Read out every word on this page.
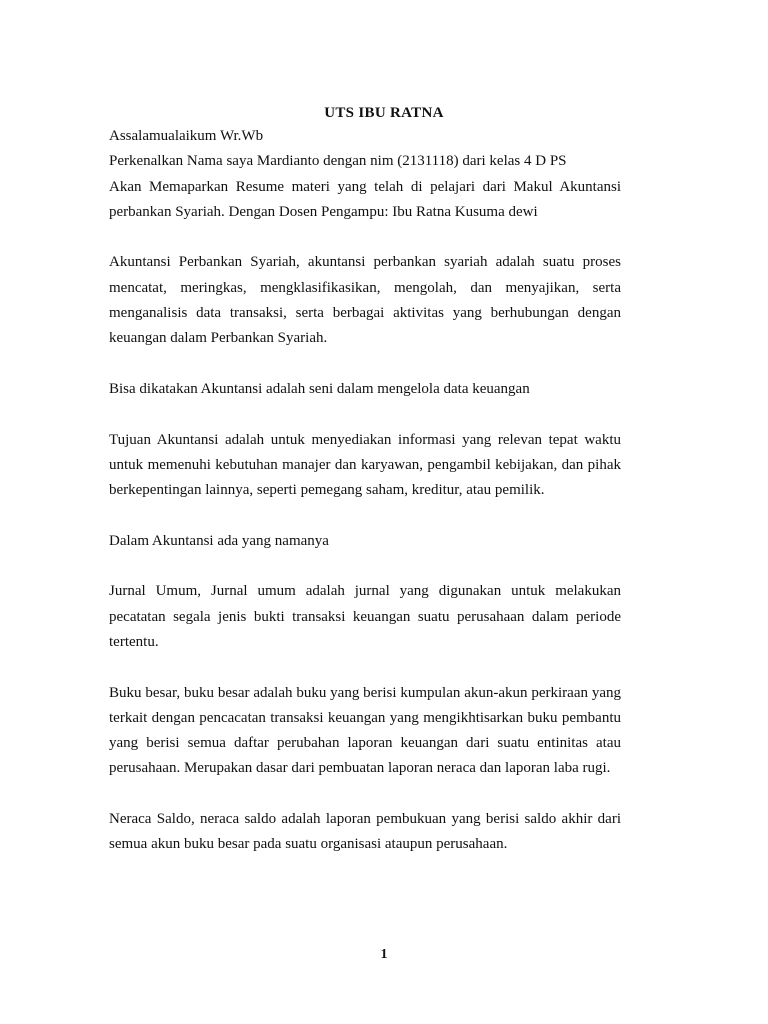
UTS IBU RATNA

Assalamualaikum Wr.Wb

Perkenalkan Nama saya Mardianto dengan nim (2131118) dari kelas 4 D PS

Akan Memaparkan Resume materi yang telah di pelajari dari Makul Akuntansi perbankan Syariah. Dengan Dosen Pengampu: Ibu Ratna Kusuma dewi

Akuntansi Perbankan Syariah, akuntansi perbankan syariah adalah suatu proses mencatat, meringkas, mengklasifikasikan, mengolah, dan menyajikan, serta menganalisis data transaksi, serta berbagai aktivitas yang berhubungan dengan keuangan dalam Perbankan Syariah.

Bisa dikatakan Akuntansi adalah seni dalam mengelola data keuangan

Tujuan Akuntansi adalah untuk menyediakan informasi yang relevan tepat waktu untuk memenuhi kebutuhan manajer dan karyawan, pengambil kebijakan, dan pihak berkepentingan lainnya, seperti pemegang saham, kreditur, atau pemilik.

Dalam Akuntansi ada yang namanya

Jurnal Umum, Jurnal umum adalah jurnal yang digunakan untuk melakukan pecatatan segala jenis bukti transaksi keuangan suatu perusahaan dalam periode tertentu.

Buku besar, buku besar adalah buku yang berisi kumpulan akun-akun perkiraan yang terkait dengan pencacatan transaksi keuangan yang mengikhtisarkan buku pembantu yang berisi semua daftar perubahan laporan keuangan dari suatu entinitas atau perusahaan. Merupakan dasar dari pembuatan laporan neraca dan laporan laba rugi.

Neraca Saldo, neraca saldo adalah laporan pembukuan yang berisi saldo akhir dari semua akun buku besar pada suatu organisasi ataupun perusahaan.

1
